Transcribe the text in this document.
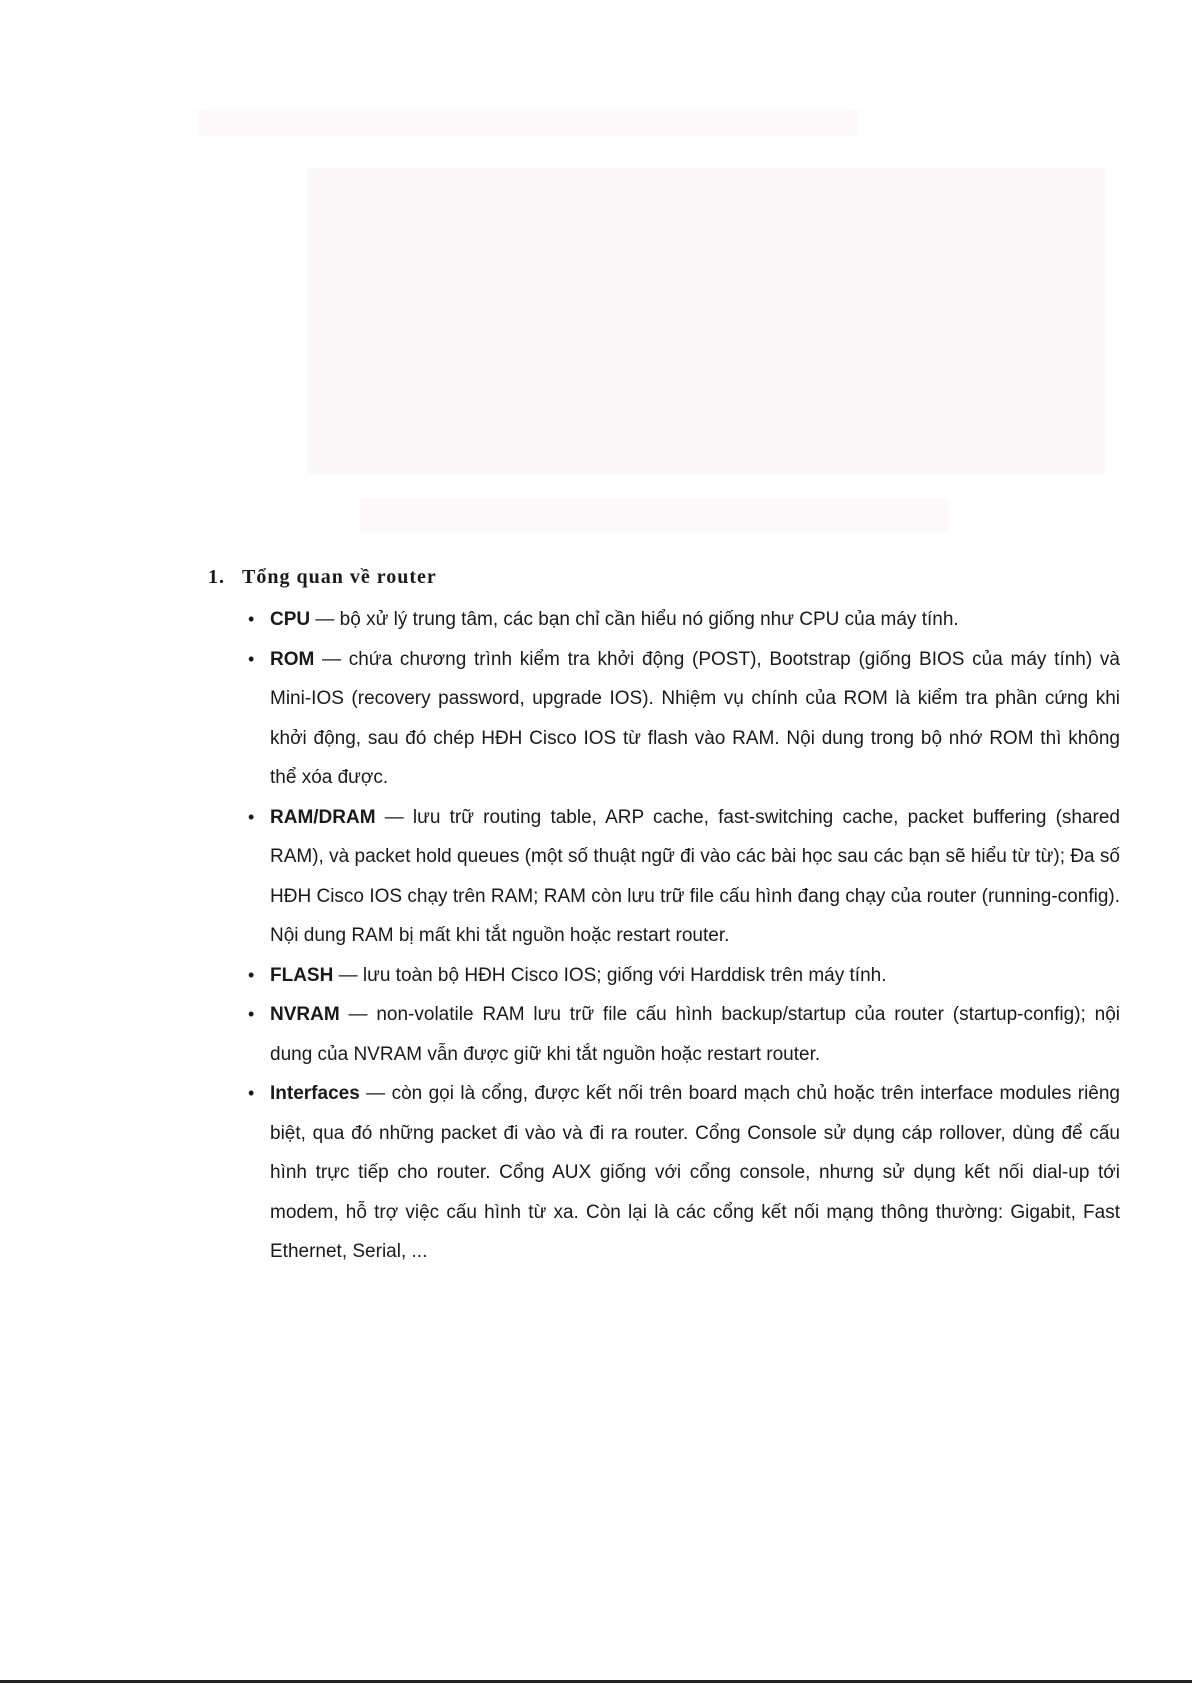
1. Tổng quan về router
• CPU — bộ xử lý trung tâm, các bạn chỉ cần hiểu nó giống như CPU của máy tính.
• ROM — chứa chương trình kiểm tra khởi động (POST), Bootstrap (giống BIOS của máy tính) và Mini-IOS (recovery password, upgrade IOS). Nhiệm vụ chính của ROM là kiểm tra phần cứng khi khởi động, sau đó chép HĐH Cisco IOS từ flash vào RAM. Nội dung trong bộ nhớ ROM thì không thể xóa được.
• RAM/DRAM — lưu trữ routing table, ARP cache, fast-switching cache, packet buffering (shared RAM), và packet hold queues (một số thuật ngữ đi vào các bài học sau các bạn sẽ hiểu từ từ); Đa số HĐH Cisco IOS chạy trên RAM; RAM còn lưu trữ file cấu hình đang chạy của router (running-config). Nội dung RAM bị mất khi tắt nguồn hoặc restart router.
• FLASH — lưu toàn bộ HĐH Cisco IOS; giống với Harddisk trên máy tính.
• NVRAM — non-volatile RAM lưu trữ file cấu hình backup/startup của router (startup-config); nội dung của NVRAM vẫn được giữ khi tắt nguồn hoặc restart router.
• Interfaces — còn gọi là cổng, được kết nối trên board mạch chủ hoặc trên interface modules riêng biệt, qua đó những packet đi vào và đi ra router. Cổng Console sử dụng cáp rollover, dùng để cấu hình trực tiếp cho router. Cổng AUX giống với cổng console, nhưng sử dụng kết nối dial-up tới modem, hỗ trợ việc cấu hình từ xa. Còn lại là các cổng kết nối mạng thông thường: Gigabit, Fast Ethernet, Serial, ...
